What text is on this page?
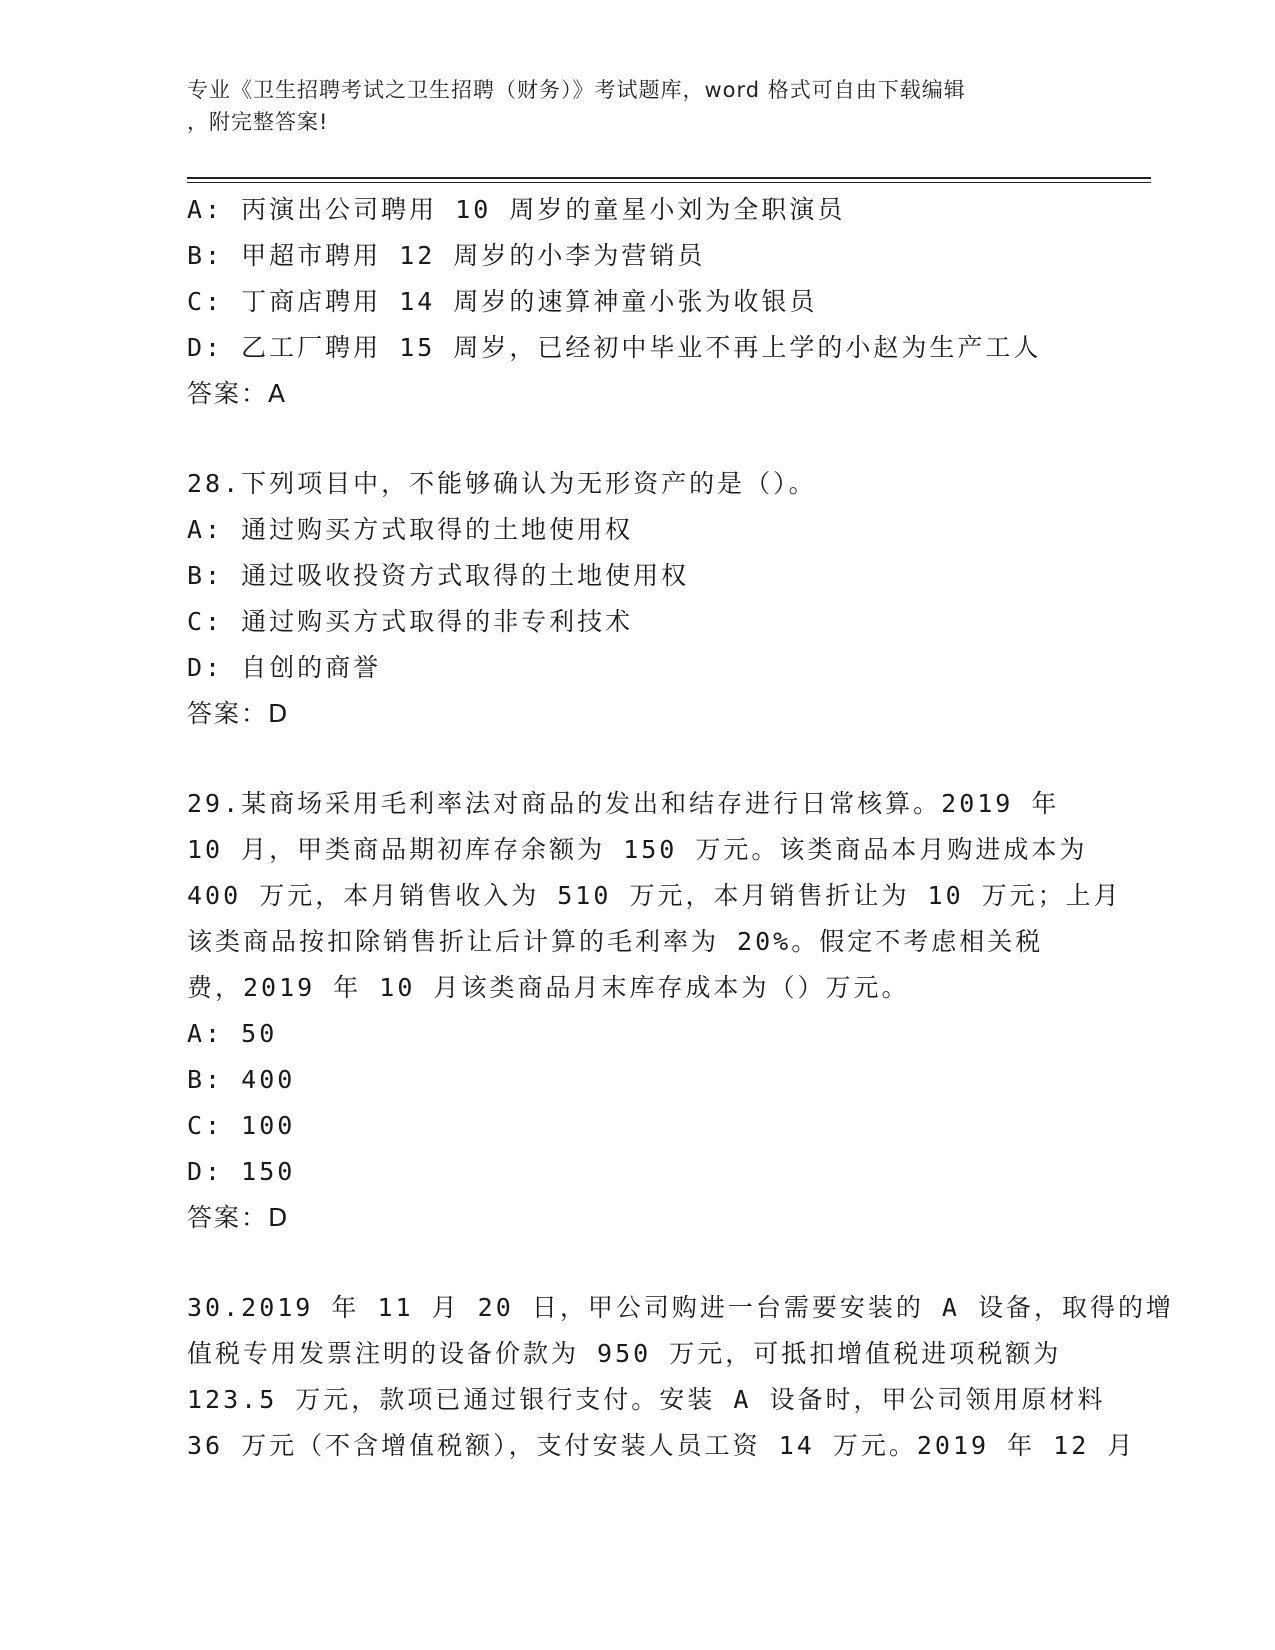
专业《卫生招聘考试之卫生招聘（财务）》考试题库，word 格式可自由下载编辑
，附完整答案!
A: 丙演出公司聘用 10 周岁的童星小刘为全职演员
B: 甲超市聘用 12 周岁的小李为营销员
C: 丁商店聘用 14 周岁的速算神童小张为收银员
D: 乙工厂聘用 15 周岁，已经初中毕业不再上学的小赵为生产工人
答案：A
28.下列项目中，不能够确认为无形资产的是（）。
A: 通过购买方式取得的土地使用权
B: 通过吸收投资方式取得的土地使用权
C: 通过购买方式取得的非专利技术
D: 自创的商誉
答案：D
29.某商场采用毛利率法对商品的发出和结存进行日常核算。2019 年
10 月，甲类商品期初库存余额为 150 万元。该类商品本月购进成本为
400 万元，本月销售收入为 510 万元，本月销售折让为 10 万元；上月
该类商品按扣除销售折让后计算的毛利率为 20%。假定不考虑相关税
费，2019 年 10 月该类商品月末库存成本为（）万元。
A: 50
B: 400
C: 100
D: 150
答案：D
30.2019 年 11 月 20 日，甲公司购进一台需要安装的 A 设备，取得的增
值税专用发票注明的设备价款为 950 万元，可抵扣增值税进项税额为
123.5 万元，款项已通过银行支付。安装 A 设备时，甲公司领用原材料
36 万元（不含增值税额），支付安装人员工资 14 万元。2019 年 12 月
